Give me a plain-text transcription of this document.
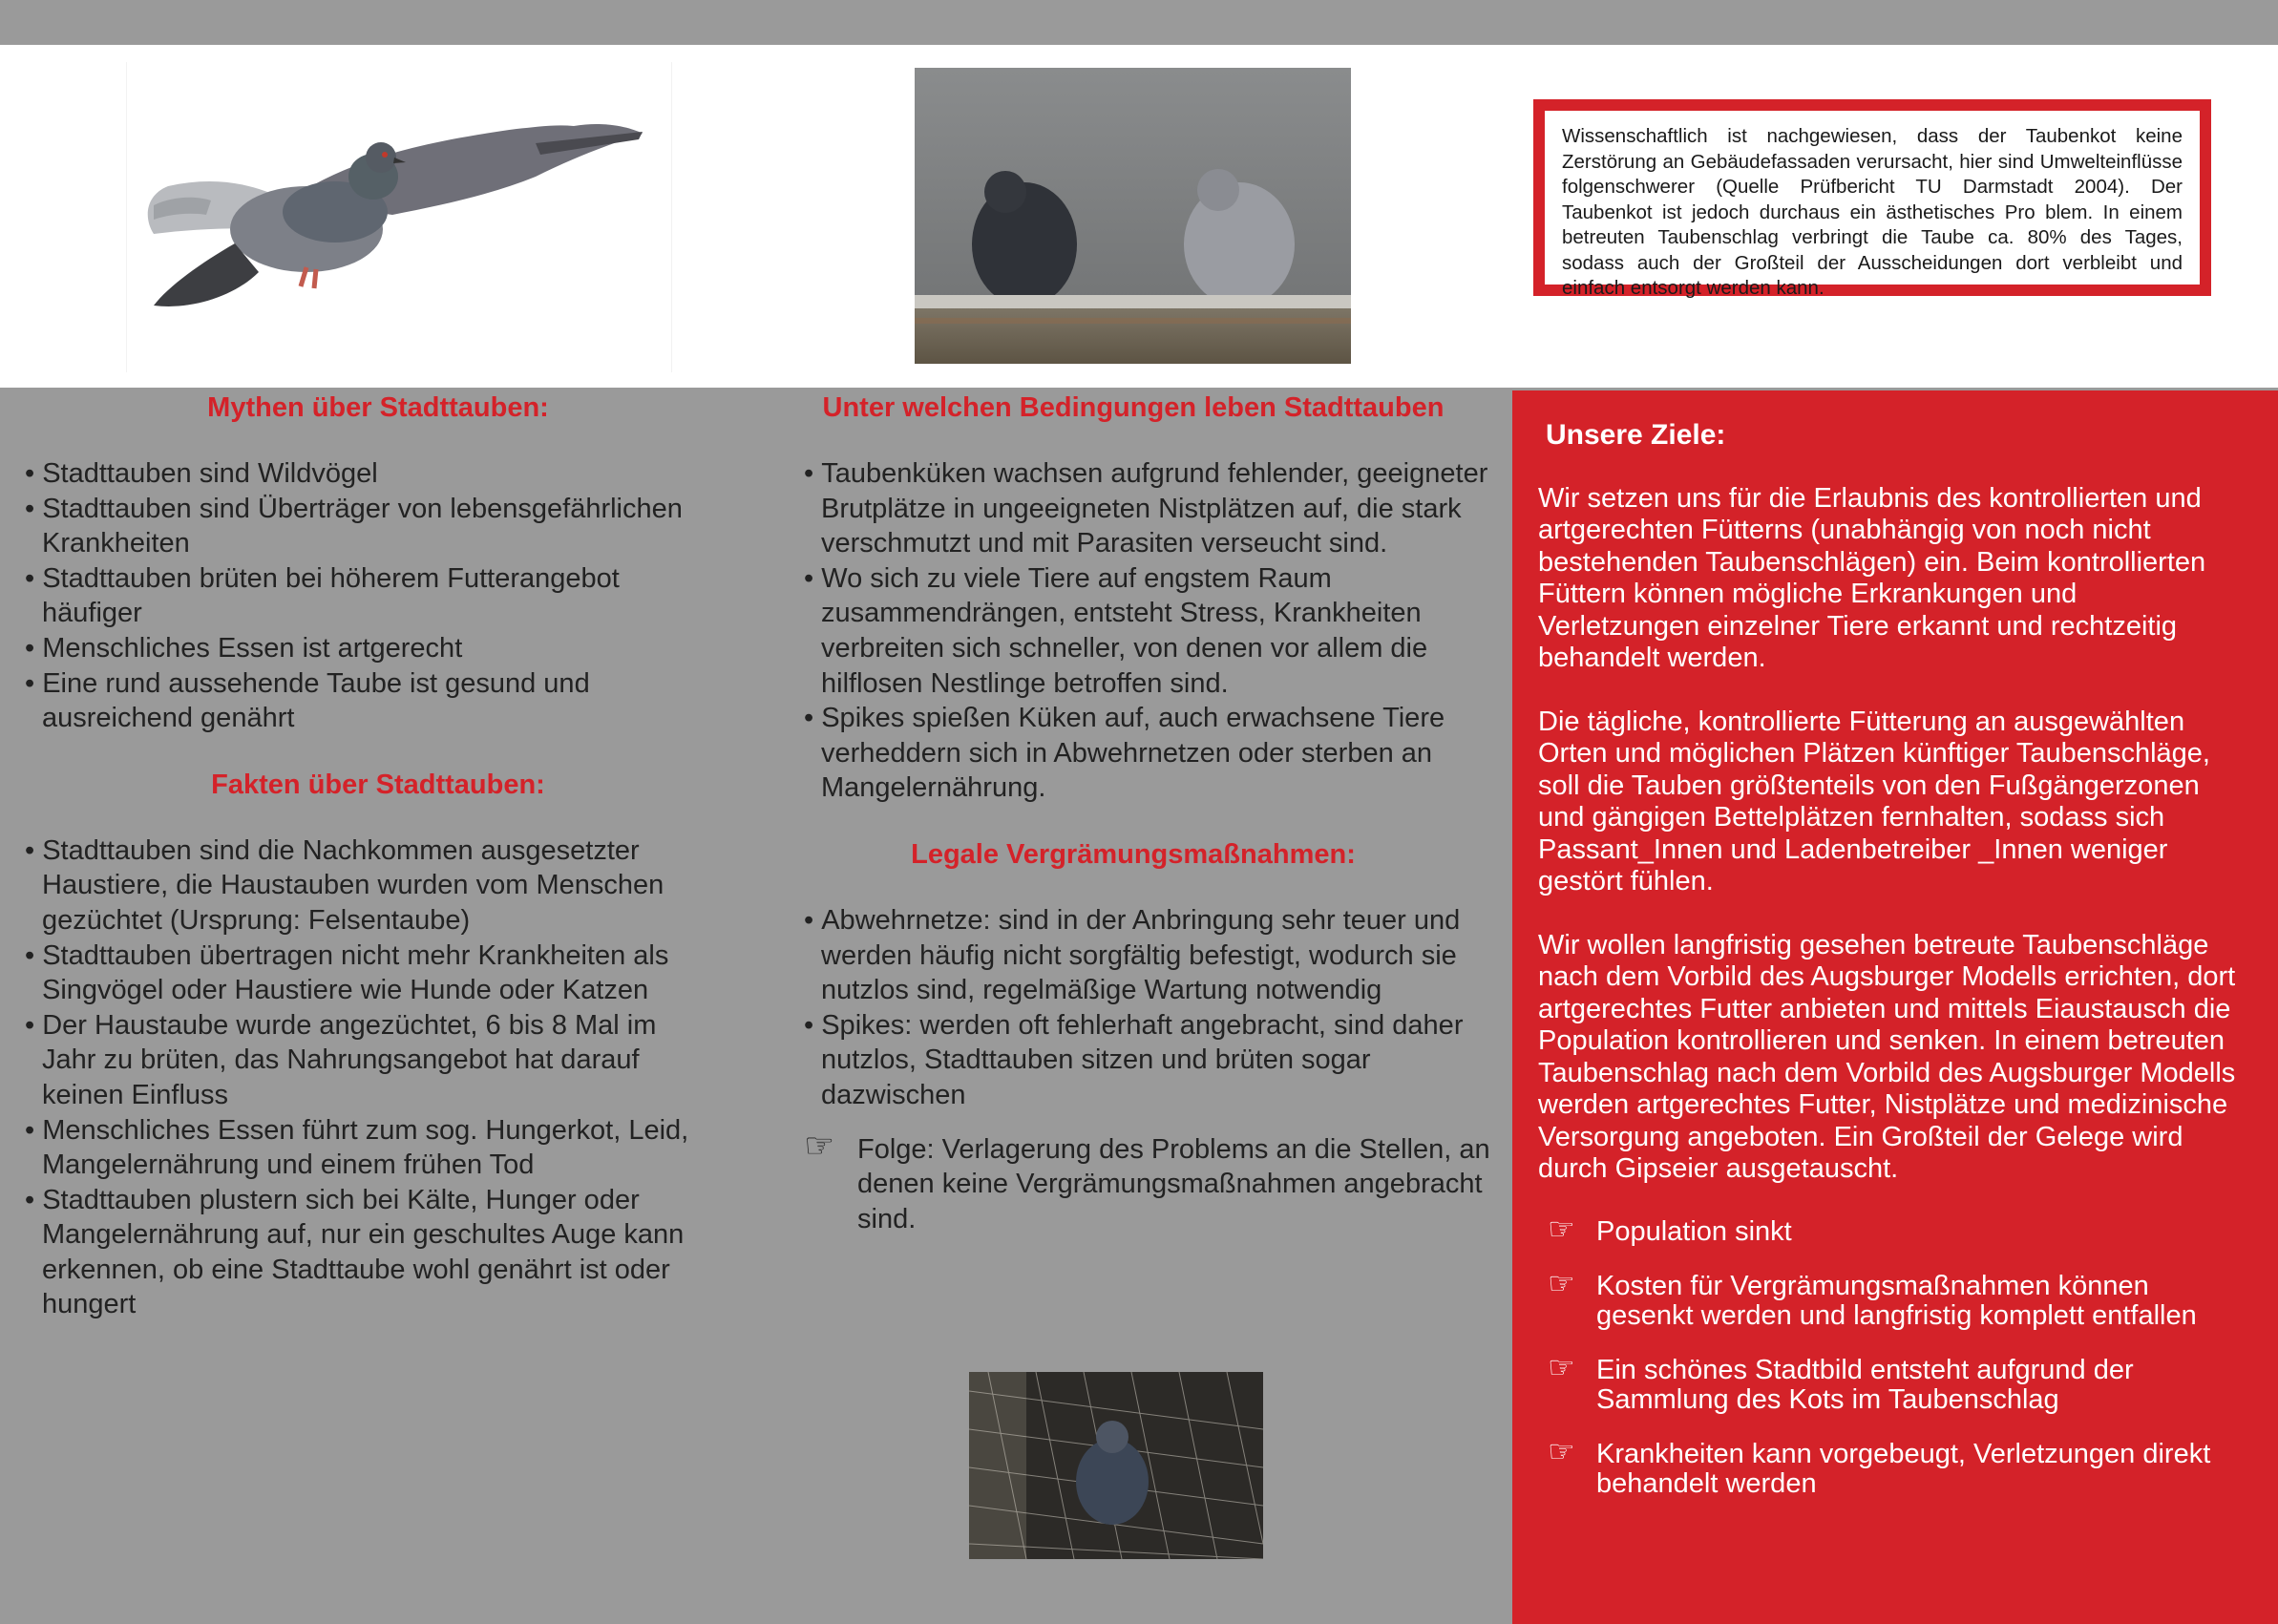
Wissenschaftlich ist nachgewiesen, dass der Taubenkot keine Zerstörung an Gebäudefassaden verursacht, hier sind Umwelteinflüsse folgenschwerer (Quelle Prüfbericht TU Darmstadt 2004). Der Taubenkot ist jedoch durchaus ein ästhetisches Pro blem. In einem betreuten Taubenschlag verbringt die Taube ca. 80% des Tages, sodass auch der Großteil der Ausscheidungen dort verbleibt und einfach entsorgt werden kann.
Mythen über Stadttauben:
• Stadttauben sind Wildvögel
• Stadttauben sind Überträger von lebensgefährlichen Krankheiten
• Stadttauben brüten bei höherem Futterangebot häufiger
• Menschliches Essen ist artgerecht
• Eine rund aussehende Taube ist gesund und ausreichend genährt
Fakten über Stadttauben:
• Stadttauben sind die Nachkommen ausgesetzter Haustiere, die Haustauben wurden vom Menschen gezüchtet (Ursprung: Felsentaube)
• Stadttauben übertragen nicht mehr Krankheiten als Singvögel oder Haustiere wie Hunde oder Katzen
• Der Haustaube wurde angezüchtet, 6 bis 8 Mal im Jahr zu brüten, das Nahrungsangebot hat darauf keinen Einfluss
• Menschliches Essen führt zum sog. Hungerkot, Leid, Mangelernährung und einem frühen Tod
• Stadttauben plustern sich bei Kälte, Hunger oder Mangelernährung auf, nur ein geschultes Auge kann erkennen, ob eine Stadttaube wohl genährt ist oder hungert
Unter welchen Bedingungen leben Stadttauben
• Taubenküken wachsen aufgrund fehlender, geeigneter Brutplätze in ungeeigneten Nistplätzen auf, die stark verschmutzt und mit Parasiten verseucht sind.
• Wo sich zu viele Tiere auf engstem Raum zusammendrängen, entsteht Stress, Krankheiten verbreiten sich schneller, von denen vor allem die hilflosen Nestlinge betroffen sind.
• Spikes spießen Küken auf, auch erwachsene Tiere verheddern sich in Abwehrnetzen oder sterben an Mangelernährung.
Legale Vergrämungsmaßnahmen:
• Abwehrnetze: sind in der Anbringung sehr teuer und werden häufig nicht sorgfältig befestigt, wodurch sie nutzlos sind, regelmäßige Wartung notwendig
• Spikes: werden oft fehlerhaft angebracht, sind daher nutzlos, Stadttauben sitzen und brüten sogar dazwischen
☞ Folge: Verlagerung des Problems an die Stellen, an denen keine Vergrämungsmaßnahmen angebracht sind.
Unsere Ziele:

Wir setzen uns für die Erlaubnis des kontrollierten und artgerechten Fütterns (unabhängig von noch nicht bestehenden Taubenschlägen) ein. Beim kontrollierten Füttern können mögliche Erkrankungen und Verletzungen einzelner Tiere erkannt und rechtzeitig behandelt werden.

Die tägliche, kontrollierte Fütterung an ausgewählten Orten und möglichen Plätzen künftiger Taubenschläge, soll die Tauben größtenteils von den Fußgängerzonen und gängigen Bettelplätzen fernhalten, sodass sich Passant_Innen und Ladenbetreiber _Innen weniger gestört fühlen.

Wir wollen langfristig gesehen betreute Taubenschläge nach dem Vorbild des Augsburger Modells errichten, dort artgerechtes Futter anbieten und mittels Eiaustausch die Population kontrollieren und senken. In einem betreuten Taubenschlag nach dem Vorbild des Augsburger Modells werden artgerechtes Futter, Nistplätze und medizinische Versorgung angeboten. Ein Großteil der Gelege wird durch Gipseier ausgetauscht.

☞ Population sinkt
☞ Kosten für Vergrämungsmaßnahmen können gesenkt werden und langfristig komplett entfallen
☞ Ein schönes Stadtbild entsteht aufgrund der Sammlung des Kots im Taubenschlag
☞ Krankheiten kann vorgebeugt, Verletzungen direkt behandelt werden
